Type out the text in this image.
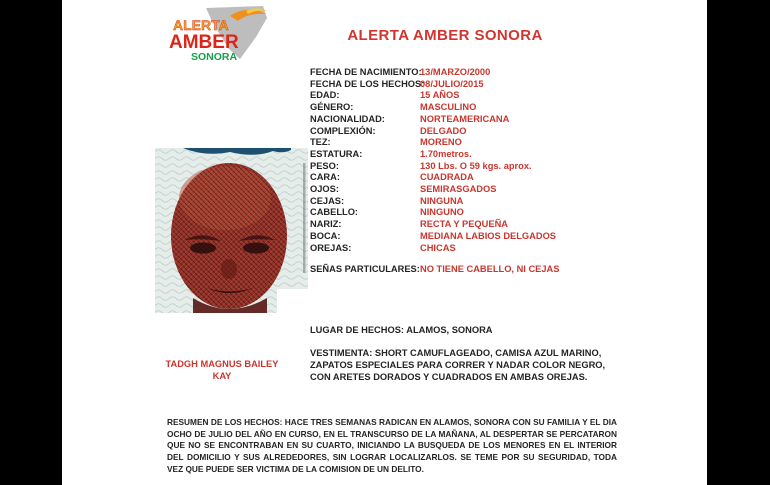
ALERTA
AMBER
SONORA
ALERTA AMBER SONORA
FECHA DE NACIMIENTO:
13/MARZO/2000
FECHA DE LOS HECHOS:
08/JULIO/2015
EDAD:	15 AÑOS
GÉNERO:	MASCULINO
NACIONALIDAD:	NORTEAMERICANA
COMPLEXIÓN:	DELGADO
TEZ:	MORENO
ESTATURA:	1.70metros.
PESO:	130 Lbs. O 59 kgs. aprox.
CARA:	CUADRADA
OJOS:	SEMIRASGADOS
CEJAS:	NINGUNA
CABELLO:	NINGUNO
NARIZ:	RECTA Y PEQUEÑA
BOCA:	MEDIANA LABIOS DELGADOS
OREJAS:	CHICAS
SEÑAS PARTICULARES: NO TIENE CABELLO, NI CEJAS
LUGAR DE HECHOS: ALAMOS, SONORA
VESTIMENTA: SHORT CAMUFLAGEADO, CAMISA AZUL MARINO, ZAPATOS ESPECIALES PARA CORRER Y NADAR COLOR NEGRO, CON ARETES DORADOS Y CUADRADOS EN AMBAS OREJAS.
TADGH MAGNUS BAILEY
KAY
RESUMEN DE LOS HECHOS: HACE TRES SEMANAS RADICAN EN ALAMOS, SONORA CON SU FAMILIA Y EL DIA OCHO DE JULIO DEL AÑO EN CURSO, EN EL TRANSCURSO DE LA MAÑANA, AL DESPERTAR SE PERCATARON QUE NO SE ENCONTRABAN EN SU CUARTO, INICIANDO LA BUSQUEDA DE LOS MENORES EN EL INTERIOR DEL DOMICILIO Y SUS ALREDEDORES, SIN LOGRAR LOCALIZARLOS. SE TEME POR SU SEGURIDAD, TODA VEZ QUE PUEDE SER VICTIMA DE LA COMISION DE UN DELITO.
